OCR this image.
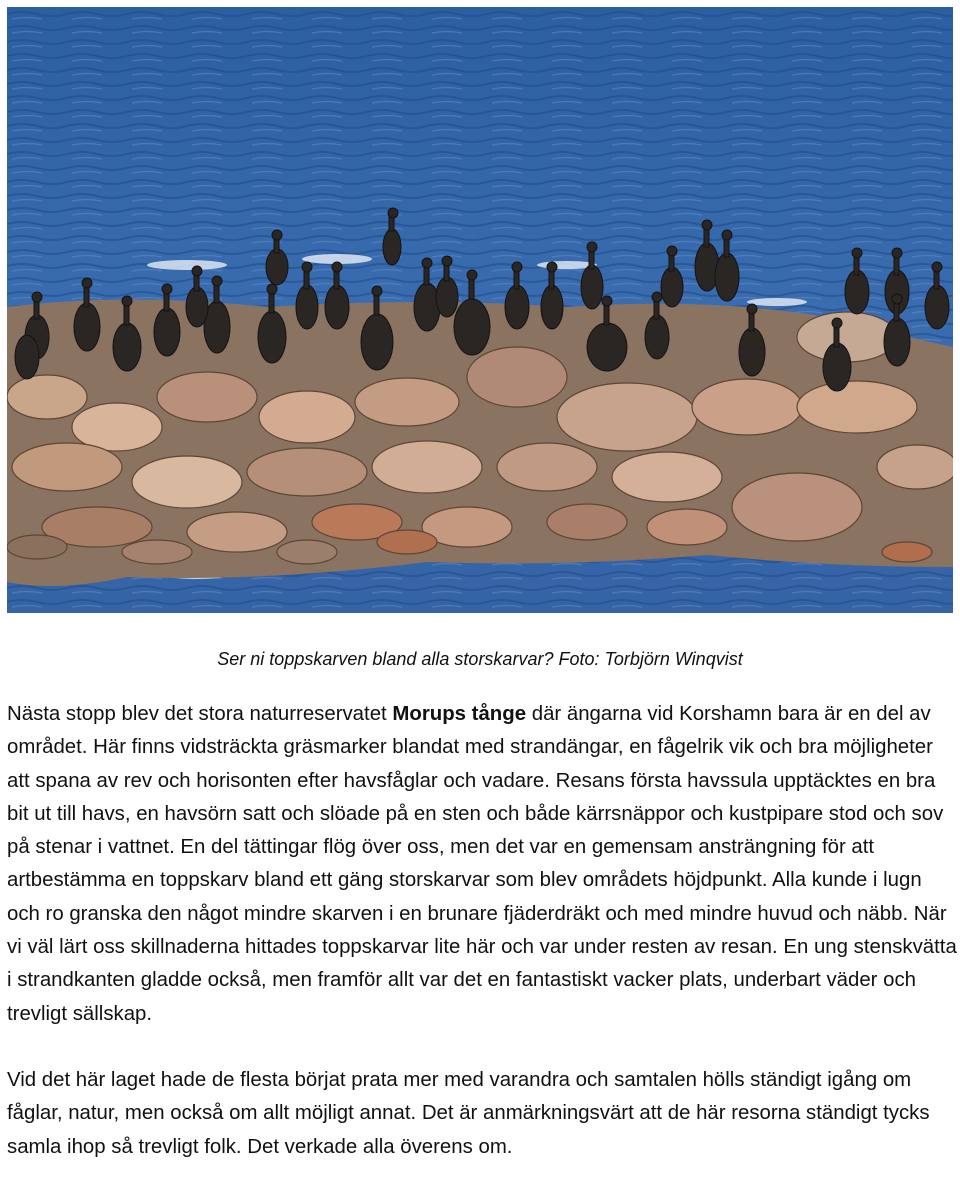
Ser ni toppskarven bland alla storskarvar? Foto: Torbjörn Winqvist

Nästa stopp blev det stora naturreservatet Morups tånge där ängarna vid Korshamn bara är en del av området. Här finns vidsträckta gräsmarker blandat med strandängar, en fågelrik vik och bra möjligheter att spana av rev och horisonten efter havsfåglar och vadare. Resans första havssula upptäcktes en bra bit ut till havs, en havsörn satt och slöade på en sten och både kärrsnäppor och kustpipare stod och sov på stenar i vattnet. En del tättingar flög över oss, men det var en gemensam ansträngning för att artbestämma en toppskarv bland ett gäng storskarvar som blev områdets höjdpunkt. Alla kunde i lugn och ro granska den något mindre skarven i en brunare fjäderdräkt och med mindre huvud och näbb. När vi väl lärt oss skillnaderna hittades toppskarvar lite här och var under resten av resan. En ung stenskvätta i strandkanten gladde också, men framför allt var det en fantastiskt vacker plats, underbart väder och trevligt sällskap.

Vid det här laget hade de flesta börjat prata mer med varandra och samtalen hölls ständigt igång om fåglar, natur, men också om allt möjligt annat. Det är anmärkningsvärt att de här resorna ständigt tycks samla ihop så trevligt folk. Det verkade alla överens om.
